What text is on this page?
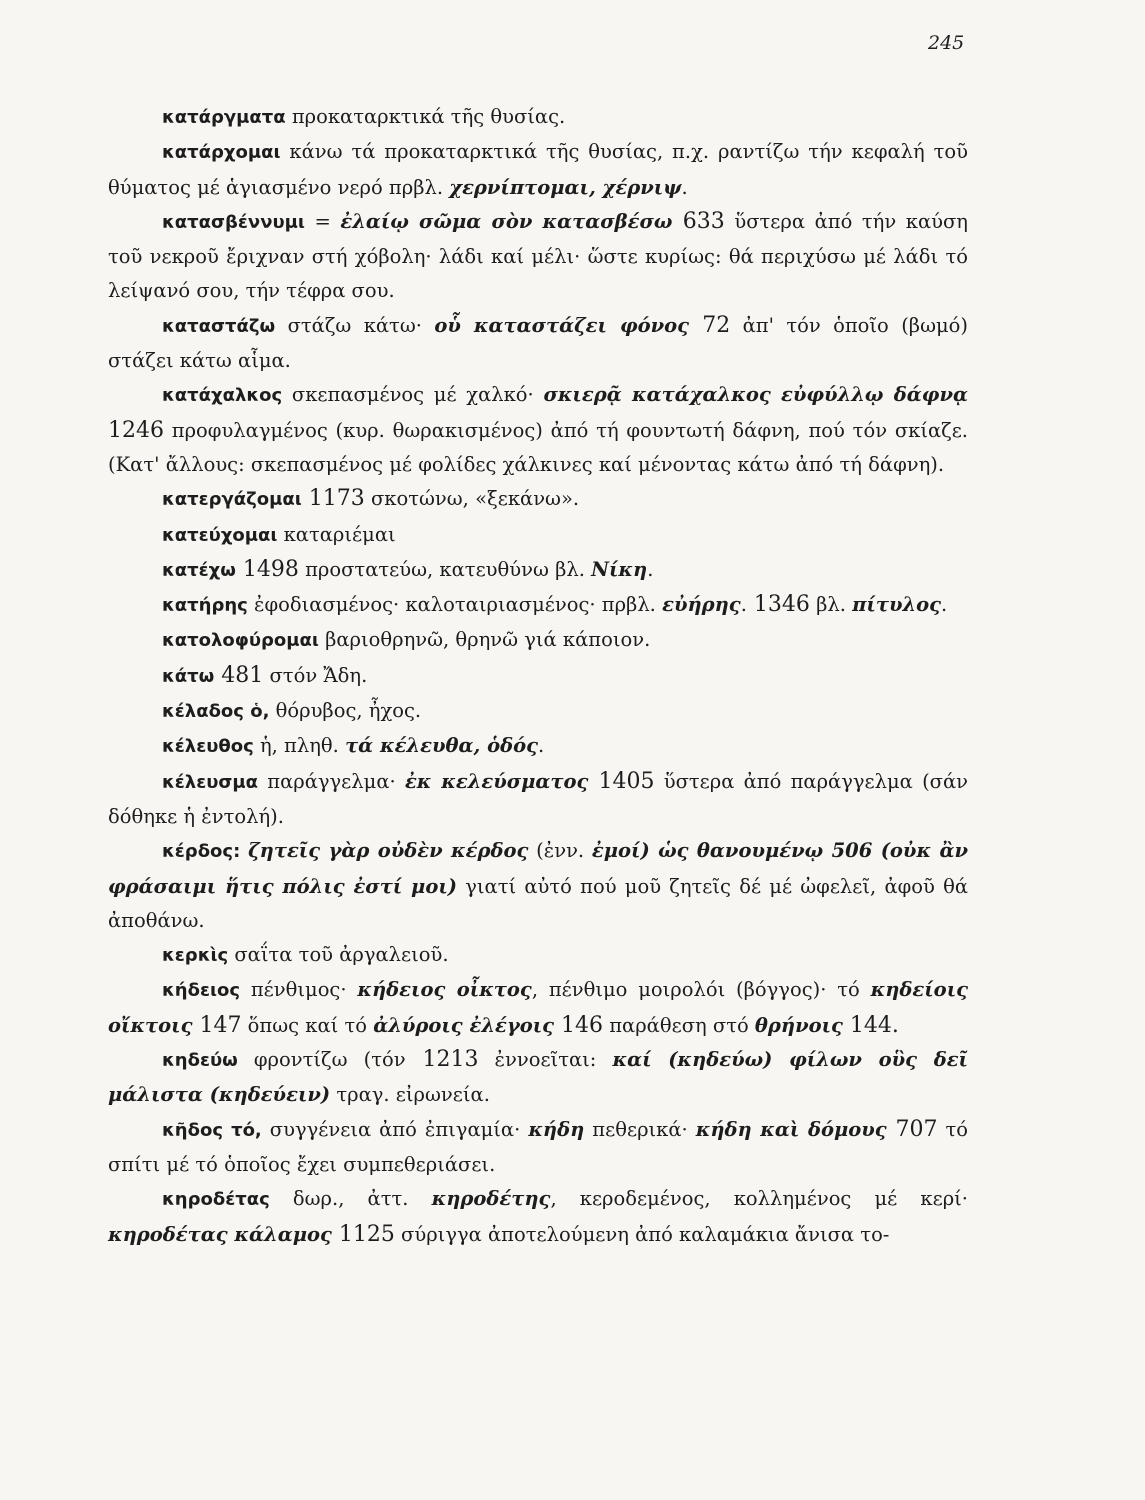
245

κατάργματα προκαταρκτικά τῆς θυσίας.

κατάρχομαι κάνω τά προκαταρκτικά τῆς θυσίας, π.χ. ραντίζω τήν κεφαλή τοῦ θύματος μέ ἁγιασμένο νερό πρβλ. χερνίπτομαι, χέρνιψ.

κατασβέννυμι = ἐλαίῳ σῶμα σὸν κατασβέσω 633 ὕστερα ἀπό τήν καύση τοῦ νεκροῦ ἔριχναν στή χόβολη· λάδι καί μέλι· ὥστε κυρίως: θά περιχύσω μέ λάδι τό λείψανό σου, τήν τέφρα σου.

καταστάζω στάζω κάτω· οὗ καταστάζει φόνος 72 ἀπ' τόν ὁποῖο (βωμό) στάζει κάτω αἷμα.

κατάχαλκος σκεπασμένος μέ χαλκό· σκιερᾷ κατάχαλκος εὐφύλλῳ δάφνᾳ 1246 προφυλαγμένος (κυρ. θωρακισμένος) ἀπό τή φουντωτή δάφνη, πού τόν σκίαζε. (Κατ' ἄλλους: σκεπασμένος μέ φολίδες χάλκινες καί μένοντας κάτω ἀπό τή δάφνη).

κατεργάζομαι 1173 σκοτώνω, «ξεκάνω».

κατεύχομαι καταριέμαι

κατέχω 1498 προστατεύω, κατευθύνω βλ. Νίκη.

κατήρης ἐφοδιασμένος· καλοταιριασμένος· πρβλ. εὐήρης. 1346 βλ. πίτυλος.

κατολοφύρομαι βαριοθρηνῶ, θρηνῶ γιά κάποιον.

κάτω 481 στόν Ἄδη.

κέλαδος ὁ, θόρυβος, ἦχος.

κέλευθος ἡ, πληθ. τά κέλευθα, ὁδός.

κέλευσμα παράγγελμα· ἐκ κελεύσματος 1405 ὕστερα ἀπό παράγγελμα (σάν δόθηκε ἡ ἐντολή).

κέρδος: ζητεῖς γὰρ οὐδὲν κέρδος (ἐνν. ἐμοί) ὡς θανουμένῳ 506 (οὐκ ἂν φράσαιμι ἥτις πόλις ἐστί μοι) γιατί αὐτό πού μοῦ ζητεῖς δέ μέ ὠφελεῖ, ἀφοῦ θά ἀποθάνω.

κερκὶς σαΐτα τοῦ ἀργαλειοῦ.

κήδειος πένθιμος· κήδειος οἶκτος, πένθιμο μοιρολόι (βόγγος)· τό κηδείοις οἴκτοις 147 ὅπως καί τό ἀλύροις ἐλέγοις 146 παράθεση στό θρήνοις 144.

κηδεύω φροντίζω (τόν 1213 ἐννοεῖται: καί (κηδεύω) φίλων οὓς δεῖ μάλιστα (κηδεύειν) τραγ. εἰρωνεία.

κῆδος τό, συγγένεια ἀπό ἐπιγαμία· κήδη πεθερικά· κήδη καὶ δόμους 707 τό σπίτι μέ τό ὁποῖος ἔχει συμπεθεριάσει.

κηροδέτας δωρ., ἀττ. κηροδέτης, κεροδεμένος, κολλημένος μέ κερί· κηροδέτας κάλαμος 1125 σύριγγα ἀποτελούμενη ἀπό καλαμάκια ἄνισα το-
